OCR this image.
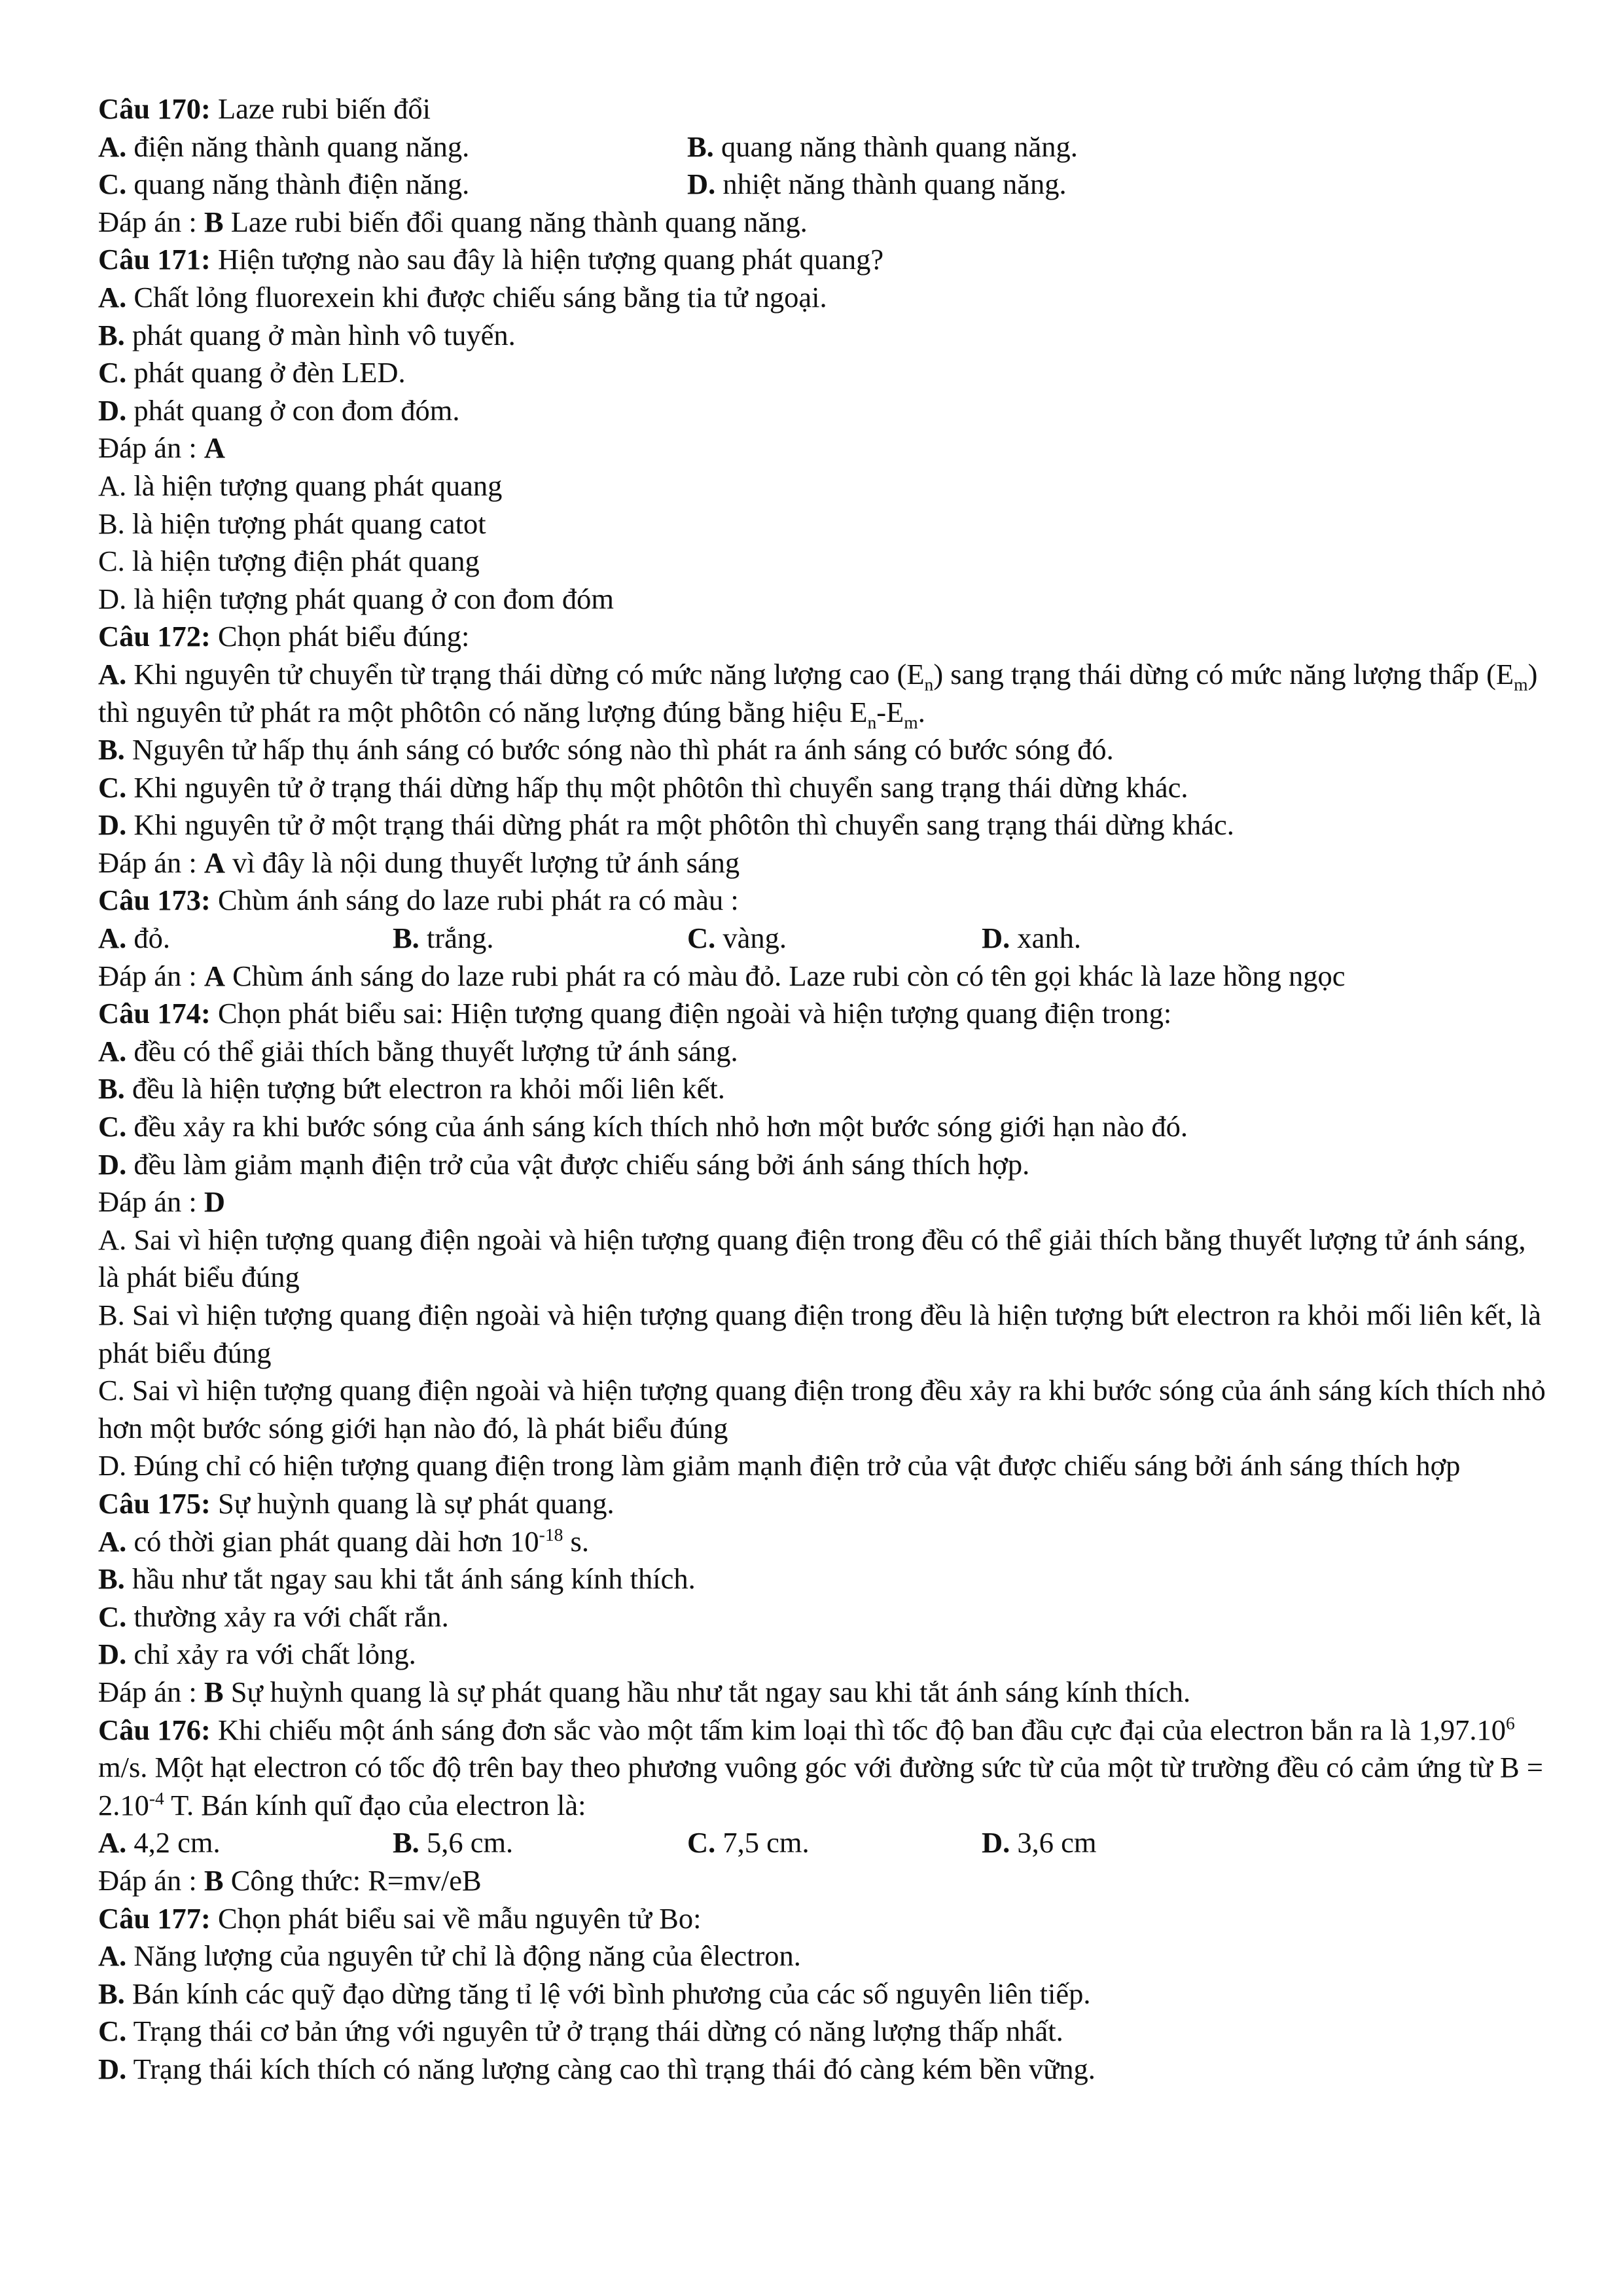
Câu 170: Laze rubi biến đổi
A. điện năng thành quang năng.	B. quang năng thành quang năng.
C. quang năng thành điện năng.	D. nhiệt năng thành quang năng.
Đáp án : B Laze rubi biến đổi quang năng thành quang năng.
Câu 171: Hiện tượng nào sau đây là hiện tượng quang phát quang?
A. Chất lỏng fluorexein khi được chiếu sáng bằng tia tử ngoại.
B. phát quang ở màn hình vô tuyến.
C. phát quang ở đèn LED.
D. phát quang ở con đom đóm.
Đáp án : A
A. là hiện tượng quang phát quang
B. là hiện tượng phát quang catot
C. là hiện tượng điện phát quang
D. là hiện tượng phát quang ở con đom đóm
Câu 172: Chọn phát biểu đúng:
A. Khi nguyên tử chuyển từ trạng thái dừng có mức năng lượng cao $(E_n)$ sang trạng thái dừng có mức năng lượng thấp $(E_m)$ thì nguyên tử phát ra một phôtôn có năng lượng đúng bằng hiệu $E_n-E_m$.
B. Nguyên tử hấp thụ ánh sáng có bước sóng nào thì phát ra ánh sáng có bước sóng đó.
C. Khi nguyên tử ở trạng thái dừng hấp thụ một phôtôn thì chuyển sang trạng thái dừng khác.
D. Khi nguyên tử ở một trạng thái dừng phát ra một phôtôn thì chuyển sang trạng thái dừng khác.
Đáp án : A vì đây là nội dung thuyết lượng tử ánh sáng
Câu 173: Chùm ánh sáng do laze rubi phát ra có màu :
A. đỏ.	B. trắng.	C. vàng.	D. xanh.
Đáp án : A Chùm ánh sáng do laze rubi phát ra có màu đỏ. Laze rubi còn có tên gọi khác là laze hồng ngọc
Câu 174: Chọn phát biểu sai: Hiện tượng quang điện ngoài và hiện tượng quang điện trong:
A. đều có thể giải thích bằng thuyết lượng tử ánh sáng.
B. đều là hiện tượng bứt electron ra khỏi mối liên kết.
C. đều xảy ra khi bước sóng của ánh sáng kích thích nhỏ hơn một bước sóng giới hạn nào đó.
D. đều làm giảm mạnh điện trở của vật được chiếu sáng bởi ánh sáng thích hợp.
Đáp án : D
A. Sai vì hiện tượng quang điện ngoài và hiện tượng quang điện trong đều có thể giải thích bằng thuyết lượng tử ánh sáng, là phát biểu đúng
B. Sai vì hiện tượng quang điện ngoài và hiện tượng quang điện trong đều là hiện tượng bứt electron ra khỏi mối liên kết, là phát biểu đúng
C. Sai vì hiện tượng quang điện ngoài và hiện tượng quang điện trong đều xảy ra khi bước sóng của ánh sáng kích thích nhỏ hơn một bước sóng giới hạn nào đó, là phát biểu đúng
D. Đúng chỉ có hiện tượng quang điện trong làm giảm mạnh điện trở của vật được chiếu sáng bởi ánh sáng thích hợp
Câu 175: Sự huỳnh quang là sự phát quang.
A. có thời gian phát quang dài hơn $10^{-18}$ s.
B. hầu như tắt ngay sau khi tắt ánh sáng kính thích.
C. thường xảy ra với chất rắn.
D. chỉ xảy ra với chất lỏng.
Đáp án : B Sự huỳnh quang là sự phát quang hầu như tắt ngay sau khi tắt ánh sáng kính thích.
Câu 176: Khi chiếu một ánh sáng đơn sắc vào một tấm kim loại thì tốc độ ban đầu cực đại của electron bắn ra là 1,97.10$^6$ m/s. Một hạt electron có tốc độ trên bay theo phương vuông góc với đường sức từ của một từ trường đều có cảm ứng từ $B = 2.10^{-4}$ T. Bán kính quĩ đạo của electron là:
A. 4,2 cm.	B. 5,6 cm.	C. 7,5 cm.	D. 3,6 cm
Đáp án : B Công thức: R=mv/eB
Câu 177: Chọn phát biểu sai về mẫu nguyên tử Bo:
A. Năng lượng của nguyên tử chỉ là động năng của êlectron.
B. Bán kính các quỹ đạo dừng tăng tỉ lệ với bình phương của các số nguyên liên tiếp.
C. Trạng thái cơ bản ứng với nguyên tử ở trạng thái dừng có năng lượng thấp nhất.
D. Trạng thái kích thích có năng lượng càng cao thì trạng thái đó càng kém bền vững.
